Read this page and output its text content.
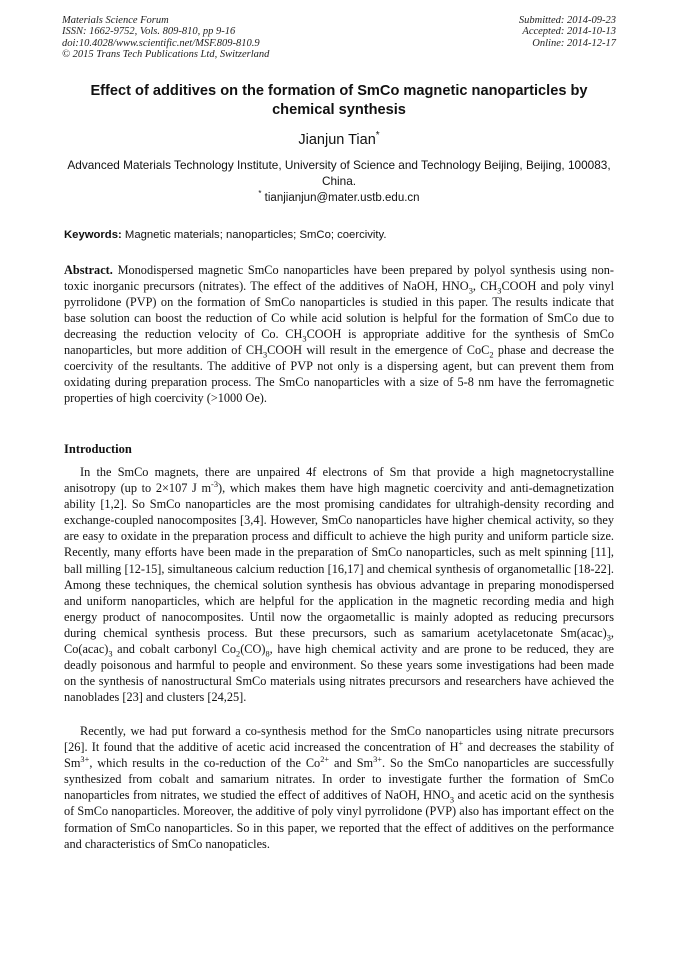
Materials Science Forum
ISSN: 1662-9752, Vols. 809-810, pp 9-16
doi:10.4028/www.scientific.net/MSF.809-810.9
© 2015 Trans Tech Publications Ltd, Switzerland
Submitted: 2014-09-23
Accepted: 2014-10-13
Online: 2014-12-17
Effect of additives on the formation of SmCo magnetic nanoparticles by chemical synthesis
Jianjun Tian*
Advanced Materials Technology Institute, University of Science and Technology Beijing, Beijing, 100083, China.
* tianjianjun@mater.ustb.edu.cn
Keywords: Magnetic materials; nanoparticles; SmCo; coercivity.

Abstract. Monodispersed magnetic SmCo nanoparticles have been prepared by polyol synthesis using non-toxic inorganic precursors (nitrates). The effect of the additives of NaOH, $HNO_3$, $CH_3COOH$ and poly vinyl pyrrolidone (PVP) on the formation of SmCo nanoparticles is studied in this paper. The results indicate that base solution can boost the reduction of Co while acid solution is helpful for the formation of SmCo due to decreasing the reduction velocity of Co. $CH_3COOH$ is appropriate additive for the synthesis of SmCo nanoparticles, but more addition of $CH_3COOH$ will result in the emergence of CoC$_2$ phase and decrease the coercivity of the resultants. The additive of PVP not only is a dispersing agent, but can prevent them from oxidating during preparation process. The SmCo nanoparticles with a size of 5-8 nm have the ferromagnetic properties of high coercivity (>1000 Oe).

Introduction

In the SmCo magnets, there are unpaired 4f electrons of Sm that provide a high magnetocrystalline anisotropy (up to 2×107 J $m^{-3}$), which makes them have high magnetic coercivity and anti-demagnetization ability [1,2]. So SmCo nanoparticles are the most promising candidates for ultrahigh-density recording and exchange-coupled nanocomposites [3,4]. However, SmCo nanoparticles have higher chemical activity, so they are easy to oxidate in the preparation process and difficult to achieve the high purity and uniform particle size. Recently, many efforts have been made in the preparation of SmCo nanoparticles, such as melt spinning [11], ball milling [12-15], simultaneous calcium reduction [16,17] and chemical synthesis of organometallic [18-22]. Among these techniques, the chemical solution synthesis has obvious advantage in preparing monodispersed and uniform nanoparticles, which are helpful for the application in the magnetic recording media and high energy product of nanocomposites. Until now the orgaometallic is mainly adopted as reducing precursors during chemical synthesis process. But these precursors, such as samarium acetylacetonate $Sm(acac)_3$, $Co(acac)_3$ and cobalt carbonyl $Co_2(CO)_8$, have high chemical activity and are prone to be reduced, they are deadly poisonous and harmful to people and environment. So these years some investigations had been made on the synthesis of nanostructural SmCo materials using nitrates precursors and researchers have achieved the nanoblades [23] and clusters [24,25].

Recently, we had put forward a co-synthesis method for the SmCo nanoparticles using nitrate precursors [26]. It found that the additive of acetic acid increased the concentration of H+ and decreases the stability of $Sm^{3+}$, which results in the co-reduction of the $Co^{2+}$ and $Sm^{3+}$. So the SmCo nanoparticles are successfully synthesized from cobalt and samarium nitrates. In order to investigate further the formation of SmCo nanoparticles from nitrates, we studied the effect of additives of NaOH, $HNO_3$ and acetic acid on the synthesis of SmCo nanoparticles. Moreover, the additive of poly vinyl pyrrolidone (PVP) also has important effect on the formation of SmCo nanoparticles. So in this paper, we reported that the effect of additives on the performance and characteristics of SmCo nanopaticles.
